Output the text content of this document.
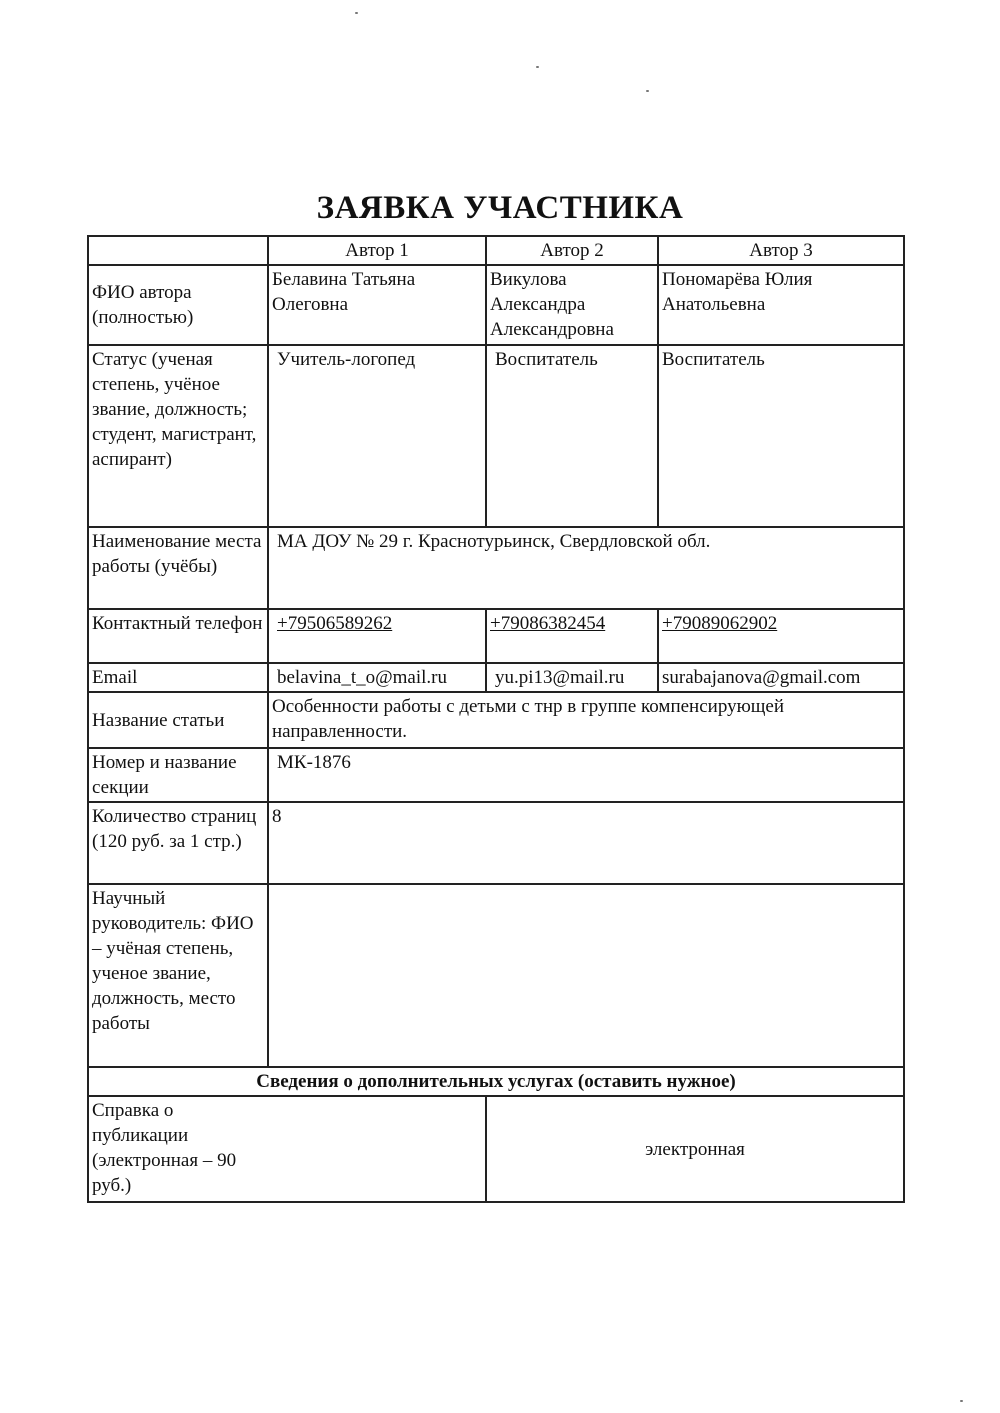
ЗАЯВКА УЧАСТНИКА
	Автор 1	Автор 2	Автор 3
ФИО автора (полностью)	Белавина Татьяна Олеговна	Викулова Александра Александровна	Пономарёва Юлия Анатольевна
Статус (ученая степень, учёное звание, должность; студент, магистрант, аспирант)	Учитель-логопед	Воспитатель	Воспитатель
Наименование места работы (учёбы)	МА ДОУ № 29 г. Краснотурьинск, Свердловской обл.		
Контактный телефон	+79506589262	+79086382454	+79089062902
Email	belavina_t_o@mail.ru	yu.pi13@mail.ru	surabajanova@gmail.com
Название статьи	Особенности работы с детьми с тнр в группе компенсирующей направленности.		
Номер и название секции	МК-1876		
Количество страниц (120 руб. за 1 стр.)	8		
Научный руководитель: ФИО – учёная степень, ученое звание, должность, место работы			
Сведения о дополнительных услугах (оставить нужное)			

Справка о публикации (электронная – 90 руб.)		электронная	
